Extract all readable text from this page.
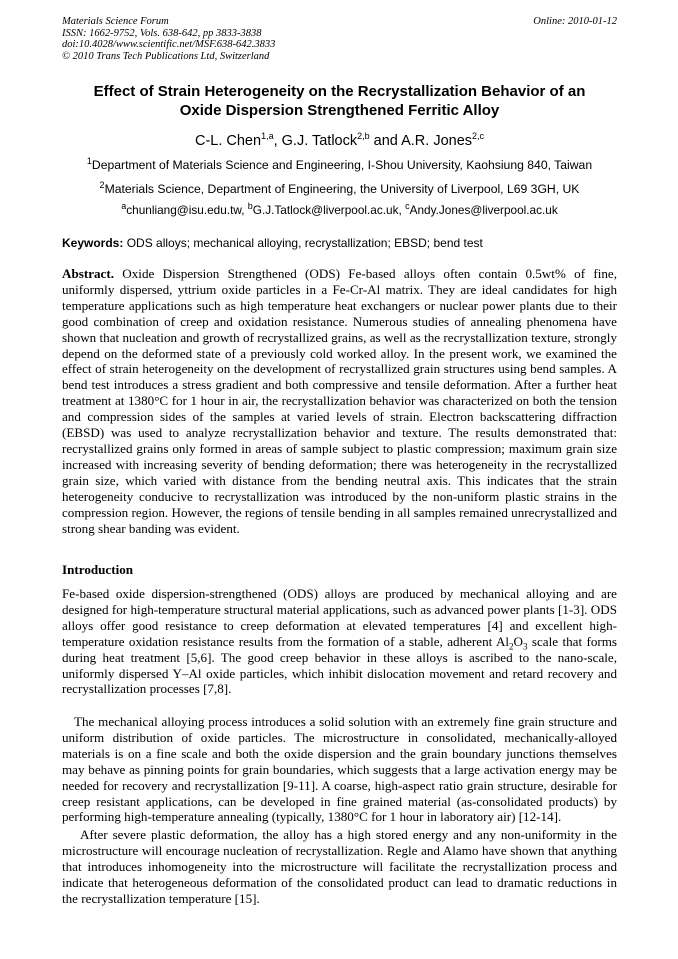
Materials Science Forum
ISSN: 1662-9752, Vols. 638-642, pp 3833-3838
doi:10.4028/www.scientific.net/MSF.638-642.3833
© 2010 Trans Tech Publications Ltd, Switzerland
Online: 2010-01-12
Effect of Strain Heterogeneity on the Recrystallization Behavior of an
Oxide Dispersion Strengthened Ferritic Alloy
C-L. Chen$^{1,a}$, G.J. Tatlock$^{2,b}$ and A.R. Jones$^{2,c}$
$^1$Department of Materials Science and Engineering, I-Shou University, Kaohsiung 840, Taiwan
$^2$Materials Science, Department of Engineering, the University of Liverpool, L69 3GH, UK
$^a$chunliang@isu.edu.tw, $^b$G.J.Tatlock@liverpool.ac.uk, $^c$Andy.Jones@liverpool.ac.uk
Keywords: ODS alloys; mechanical alloying, recrystallization; EBSD; bend test
Abstract. Oxide Dispersion Strengthened (ODS) Fe-based alloys often contain 0.5wt% of fine, uniformly dispersed, yttrium oxide particles in a Fe-Cr-Al matrix. They are ideal candidates for high temperature applications such as high temperature heat exchangers or nuclear power plants due to their good combination of creep and oxidation resistance. Numerous studies of annealing phenomena have shown that nucleation and growth of recrystallized grains, as well as the recrystallization texture, strongly depend on the deformed state of a previously cold worked alloy. In the present work, we examined the effect of strain heterogeneity on the development of recrystallized grain structures using bend samples. A bend test introduces a stress gradient and both compressive and tensile deformation. After a further heat treatment at 1380°C for 1 hour in air, the recrystallization behavior was characterized on both the tension and compression sides of the samples at varied levels of strain. Electron backscattering diffraction (EBSD) was used to analyze recrystallization behavior and texture. The results demonstrated that: recrystallized grains only formed in areas of sample subject to plastic compression; maximum grain size increased with increasing severity of bending deformation; there was heterogeneity in the recrystallized grain size, which varied with distance from the bending neutral axis. This indicates that the strain heterogeneity conducive to recrystallization was introduced by the non-uniform plastic strains in the compression region. However, the regions of tensile bending in all samples remained unrecrystallized and strong shear banding was evident.
Introduction
Fe-based oxide dispersion-strengthened (ODS) alloys are produced by mechanical alloying and are designed for high-temperature structural material applications, such as advanced power plants [1-3]. ODS alloys offer good resistance to creep deformation at elevated temperatures [4] and excellent high-temperature oxidation resistance results from the formation of a stable, adherent $Al_2O_3$ scale that forms during heat treatment [5,6]. The good creep behavior in these alloys is ascribed to the nano-scale, uniformly dispersed Y–Al oxide particles, which inhibit dislocation movement and retard recovery and recrystallization processes [7,8].
The mechanical alloying process introduces a solid solution with an extremely fine grain structure and uniform distribution of oxide particles. The microstructure in consolidated, mechanically-alloyed materials is on a fine scale and both the oxide dispersion and the grain boundary junctions themselves may behave as pinning points for grain boundaries, which suggests that a large activation energy may be needed for recovery and recrystallization [9-11]. A coarse, high-aspect ratio grain structure, desirable for creep resistant applications, can be developed in fine grained material (as-consolidated products) by performing high-temperature annealing (typically, 1380°C for 1 hour in laboratory air) [12-14].
After severe plastic deformation, the alloy has a high stored energy and any non-uniformity in the microstructure will encourage nucleation of recrystallization. Regle and Alamo have shown that anything that introduces inhomogeneity into the microstructure will facilitate the recrystallization process and indicate that heterogeneous deformation of the consolidated product can lead to dramatic reductions in the recrystallization temperature [15].
